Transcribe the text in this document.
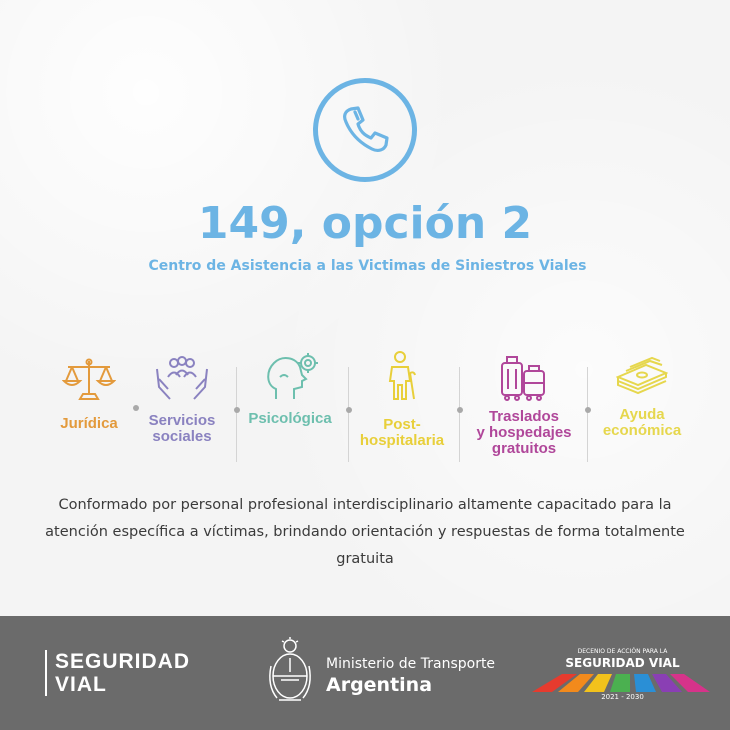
149, opción 2
Centro de Asistencia a las Victimas de Siniestros Viales
Jurídica Servicios
sociales
Psicológica	Post-
hospitalaria
Traslados
y hospedajes
gratuitos
Ayuda
económica
Conformado por personal profesional interdisciplinario altamente capacitado para la atención específica a víctimas, brindando orientación y respuestas de forma totalmente gratuita
SEGURIDAD
VIAL
Ministerio de Transporte
Argentina
DECENIO DE ACCIÓN PARA LA
SEGURIDAD VIAL
2021 - 2030
